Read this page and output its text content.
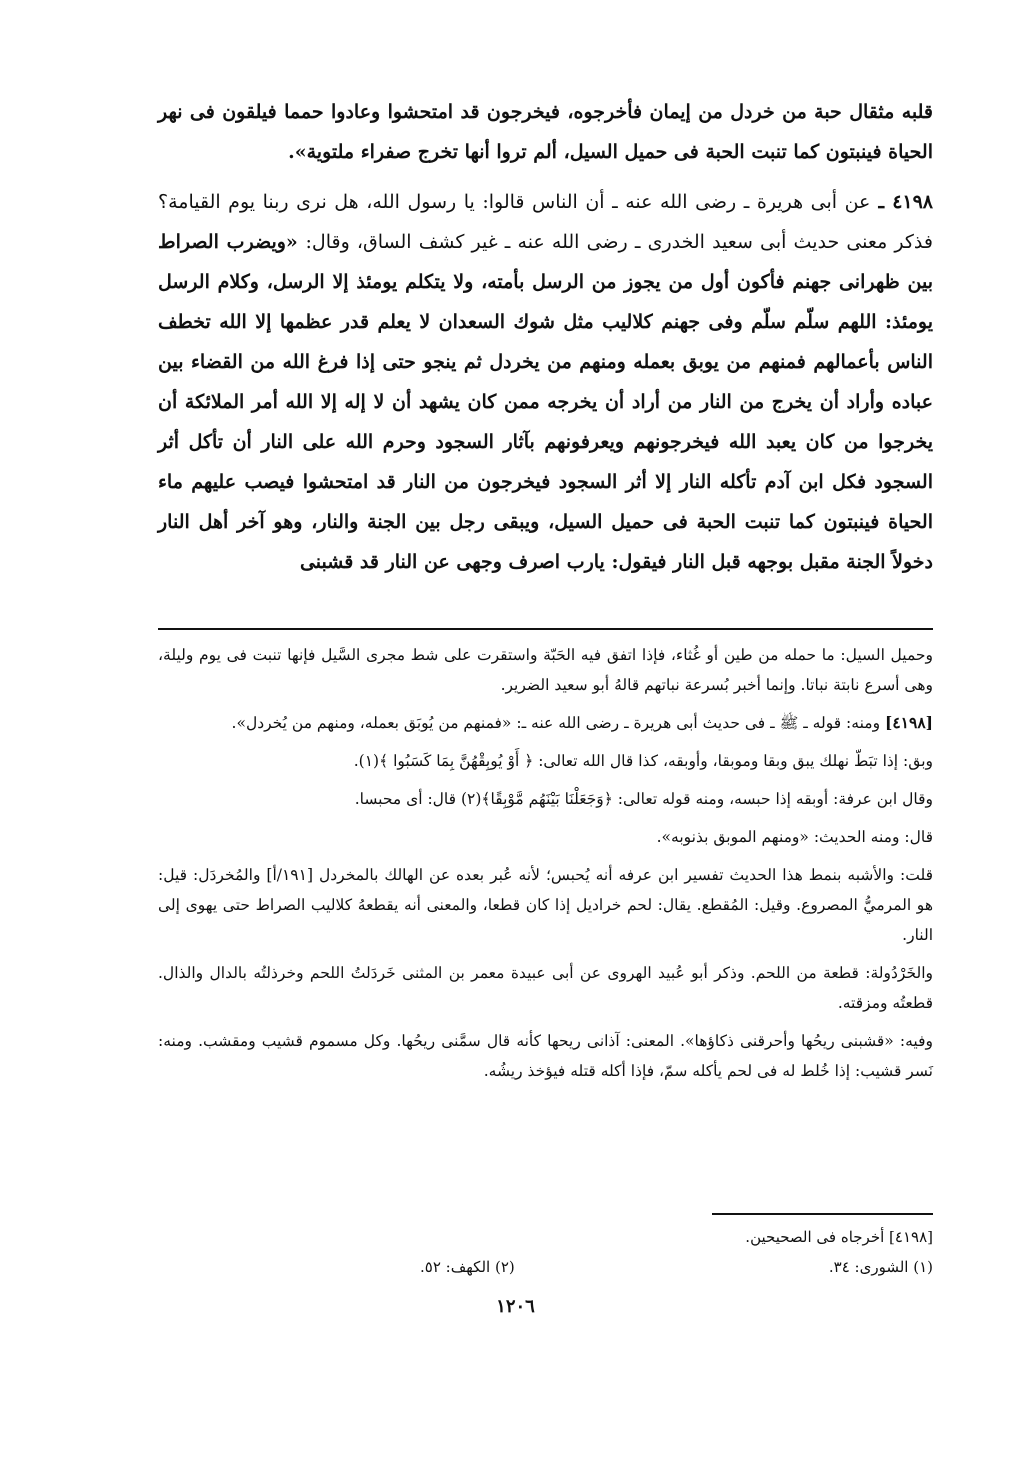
قلبه مثقال حبة من خردل من إيمان فأخرجوه، فيخرجون قد امتحشوا وعادوا حمما فيلقون فى نهر الحياة فينبتون كما تنبت الحبة فى حميل السيل، ألم تروا أنها تخرج صفراء ملتوية».

٤١٩٨ ـ عن أبى هريرة ـ رضى الله عنه ـ أن الناس قالوا: يا رسول الله، هل نرى ربنا يوم القيامة؟ فذكر معنى حديث أبى سعيد الخدرى ـ رضى الله عنه ـ غير كشف الساق، وقال: «ويضرب الصراط بين ظهرانى جهنم فأكون أول من يجوز من الرسل بأمته، ولا يتكلم يومئذ إلا الرسل، وكلام الرسل يومئذ: اللهم سلّم سلّم وفى جهنم كلاليب مثل شوك السعدان لا يعلم قدر عظمها إلا الله تخطف الناس بأعمالهم فمنهم من يوبق بعمله ومنهم من يخردل ثم ينجو حتى إذا فرغ الله من القضاء بين عباده وأراد أن يخرج من النار من أراد أن يخرجه ممن كان يشهد أن لا إله إلا الله أمر الملائكة أن يخرجوا من كان يعبد الله فيخرجونهم ويعرفونهم بآثار السجود وحرم الله على النار أن تأكل أثر السجود فكل ابن آدم تأكله النار إلا أثر السجود فيخرجون من النار قد امتحشوا فيصب عليهم ماء الحياة فينبتون كما تنبت الحبة فى حميل السيل، ويبقى رجل بين الجنة والنار، وهو آخر أهل النار دخولاً الجنة مقبل بوجهه قبل النار فيقول: يارب اصرف وجهى عن النار قد قشبنى

وحميل السيل: ما حمله من طين أو غُثاء، فإذا اتفق فيه الحَبّة واستقرت على شط مجرى السَّيل فإنها تنبت فى يوم وليلة، وهى أسرع نابتة نباتا. وإنما أخبر بُسرعة نباتهم قالهُ أبو سعيد الضرير.

[٤١٩٨] ومنه: قوله ـ ﷺ ـ فى حديث أبى هريرة ـ رضى الله عنه ـ: «فمنهم من يُوبَق بعمله، ومنهم من يُخردل».

وبق: إذا تبَطّ نهلك يبق وبقا وموبقا، وأوبقه، كذا قال الله تعالى: ﴿ أَوْ يُوبِقْهُنَّ بِمَا كَسَبُوا ﴾(١).

وقال ابن عرفة: أوبقه إذا حبسه، ومنه قوله تعالى: ﴿وَجَعَلْنَا بَيْنَهُم مَّوْبِقًا﴾(٢) قال: أى محبسا.

قال: ومنه الحديث: «ومنهم الموبق بذنوبه».

قلت: والأشبه بنمط هذا الحديث تفسير ابن عرفه أنه يُحبس؛ لأنه عُبر بعده عن الهالك بالمخردل [١٩١/أ] والمُخردَل: قيل: هو المرميُّ المصروع. وقيل: المُقطع. يقال: لحم خراديل إذا كان قطعا، والمعنى أنه يقطعهُ كلاليب الصراط حتى يهوى إلى النار.

والخَرْدُولة: قطعة من اللحم. وذكر أبو عُبيد الهروى عن أبى عبيدة معمر بن المثنى خَردَلتُ اللحم وخرذلتُه بالدال والذال. قطعتُه ومزقته.

وفيه: «قشبنى ريحُها وأحرقنى ذكاؤها». المعنى: آذانى ريحها كأنه قال سمَّنى ريحُها. وكل مسموم قشيب ومقشب. ومنه: نَسر قشيب: إذا خُلط له فى لحم يأكله سمّ، فإذا أكله قتله فيؤخذ ريشُه.

[٤١٩٨] أخرجاه فى الصحيحين.
(١) الشورى: ٣٤.
(٢) الكهف: ٥٢.
١٢٠٦
